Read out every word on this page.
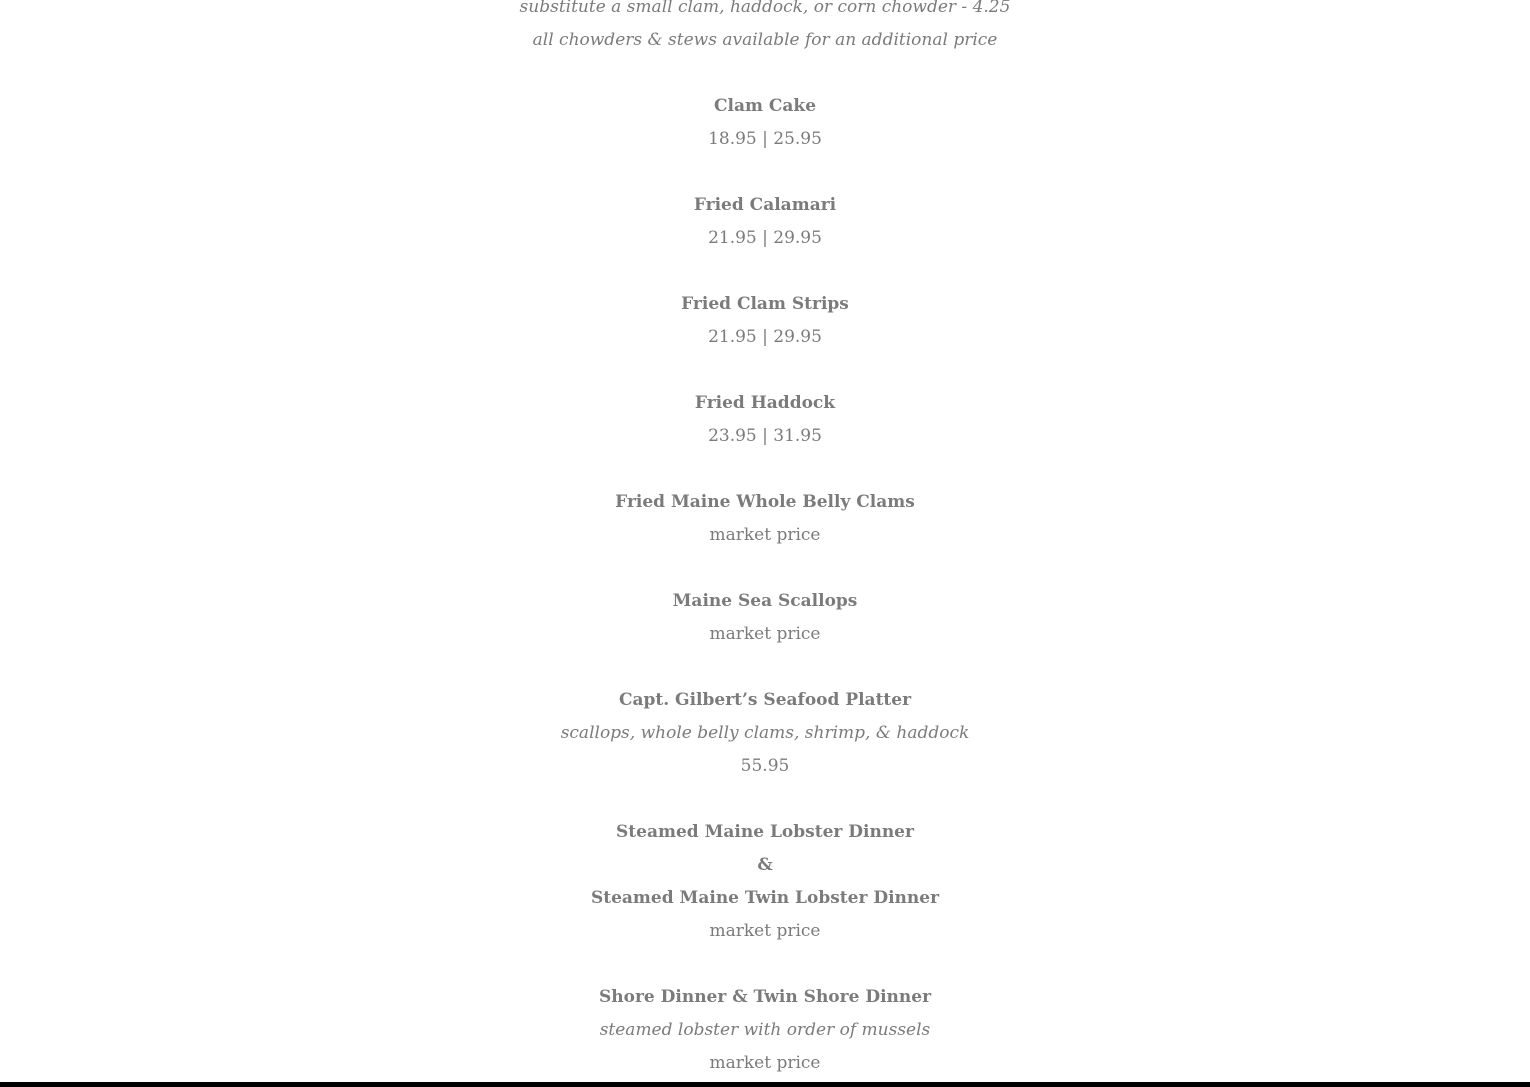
substitute a small clam, haddock, or corn chowder - 4.25
all chowders & stews available for an additional price
Clam Cake
18.95 | 25.95
Fried Calamari
21.95 | 29.95
Fried Clam Strips
21.95 | 29.95
Fried Haddock
23.95 | 31.95
Fried Maine Whole Belly Clams
market price
Maine Sea Scallops
market price
Capt. Gilbert’s Seafood Platter
scallops, whole belly clams, shrimp, & haddock
55.95
Steamed Maine Lobster Dinner
&
Steamed Maine Twin Lobster Dinner
market price
Shore Dinner & Twin Shore Dinner
steamed lobster with order of mussels
market price
